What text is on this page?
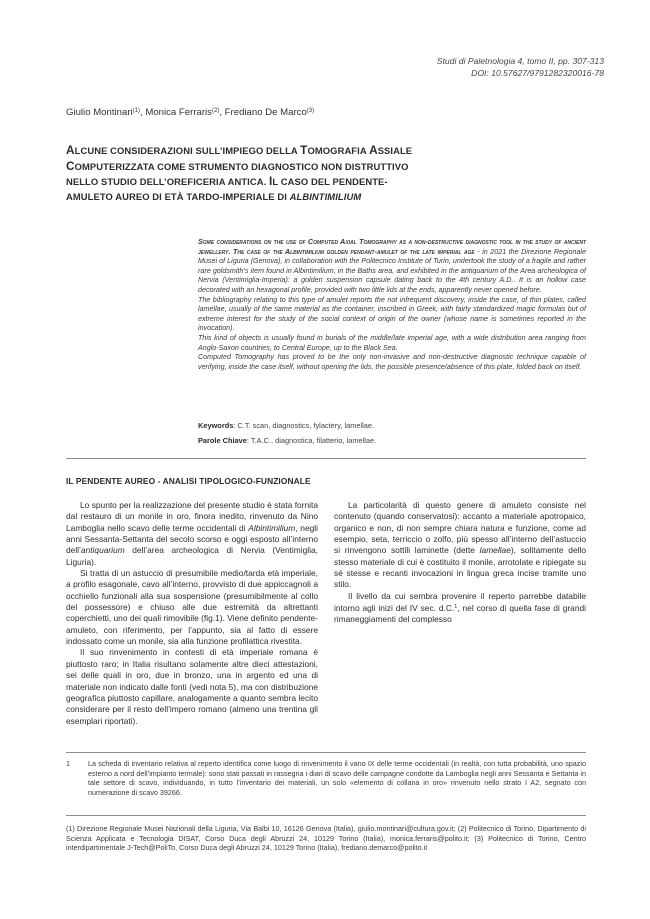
Studi di Paletnologia 4, tomo II, pp. 307-313
DOI: 10.57627/9791282320016-78
Giulio Montinari$^{(1)}$, Monica Ferraris$^{(2)}$, Frediano De Marco$^{(3)}$
ALCUNE CONSIDERAZIONI SULL’IMPIEGO DELLA TOMOGRAFIA ASSIALE
COMPUTERIZZATA COME STRUMENTO DIAGNOSTICO NON DISTRUTTIVO
NELLO STUDIO DELL’OREFICERIA ANTICA. IL CASO DEL PENDENTE-
AMULETO AUREO DI ETÀ TARDO-IMPERIALE DI ALBINTIMILIUM

Some considerations on the use of Computed Axial Tomography as a non-destructive diagnostic tool in the study of ancient jewellery. The case of the Albintimilium golden pendant-amulet of the late imperial age - in 2021 the Direzione Regionale Musei of Liguria (Genova), in collaboration with the Politecnico Institute of Turin, undertook the study of a fragile and rather rare goldsmith’s item found in Albintimilium, in the Baths area, and exhibited in the antiquarium of the Area archeologica of Nervia (Ventimiglia-Imperia): a golden suspension capsule dating back to the 4th century A.D.. It is an hollow case decorated with an hexagonal profile, provided with two little lids at the ends, apparently never opened before.

The bibliography relating to this type of amulet reports the not infrequent discovery, inside the case, of thin plates, called lamellae, usually of the same material as the container, inscribed in Greek, with fairly standardized magic formulas but of extreme interest for the study of the social context of origin of the owner (whose name is sometimes reported in the invocation).

This kind of objects is usually found in burials of the middle/late imperial age, with a wide distribution area ranging from Anglo-Saxon countries, to Central Europe, up to the Black Sea.

Computed Tomography has proved to be the only non-invasive and non-destructive diagnostic technique capable of verifying, inside the case itself, without opening the lids, the possible presence/absence of this plate, folded back on itself.

Keywords: C.T. scan, diagnostics, fylactery, lamellae.
Parole Chiave: T.A.C., diagnostica, filatterio, lamellae.
IL PENDENTE AUREO - ANALISI TIPOLOGICO-FUNZIONALE

Lo spunto per la realizzazione del presente studio è stata fornita dal restauro di un monile in oro, finora inedito, rinvenuto da Nino Lamboglia nello scavo delle terme occidentali di Albintimilium, negli anni Sessanta-Settanta del secolo scorso e oggi esposto all’interno dell’antiquarium dell’area archeologica di Nervia (Ventimiglia, Liguria).

Si tratta di un astuccio di presumibile medio/tarda età imperiale, a profilo esagonale, cavo all’interno, provvisto di due appiccagnoli a occhiello funzionali alla sua sospensione (presumibilmente al collo del possessore) e chiuso alle due estremità da altrettanti coperchietti, uno dei quali rimovibile (fig.1). Viene definito pendente-amuleto, con riferimento, per l’appunto, sia al fatto di essere indossato come un monile, sia alla funzione profilattica rivestita.

Il suo rinvenimento in contesti di età imperiale romana è piuttosto raro; in Italia risultano solamente altre dieci attestazioni, sei delle quali in oro, due in bronzo, una in argento ed una di materiale non indicato dalle fonti (vedi nota 5), ma con distribuzione geografica piuttosto capillare, analogamente a quanto sembra lecito considerare per il resto dell’impero romano (almeno una trentina gli esemplari riportati).

La particolarità di questo genere di amuleto consiste nel contenuto (quando conservatosi): accanto a materiale apotropaico, organico e non, di non sempre chiara natura e funzione, come ad esempio, seta, terriccio o zolfo, più spesso all’interno dell’astuccio si rinvengono sottili laminette (dette lamellae), solitamente dello stesso materiale di cui è costituito il monile, arrotolate e ripiegate su sé stesse e recanti invocazioni in lingua greca incise tramite uno stilo.

Il livello da cui sembra provenire il reperto parrebbe databile intorno agli inizi del IV sec. d.C.$^1$, nel corso di quella fase di grandi rimaneggiamenti del complesso

1	La scheda di inventario relativa al reperto identifica come luogo di rinvenimento il vano IX delle terme occidentali (in realtà, con tutta probabilità, uno spazio esterno a nord dell’impianto termale): sono stati passati in rassegna i diari di scavo delle campagne condotte da Lamboglia negli anni Sessanta e Settanta in tale settore di scavo, individuando, in tutto l’inventario dei materiali, un solo «elemento di collana in oro» rinvenuto nello strato I A2, segnato con numerazione di scavo 39266.
(1) Direzione Regionale Musei Nazionali della Liguria, Via Balbi 10, 16126 Genova (Italia), giulio.montinari@cultura.gov.it; (2) Politecnico di Torino, Dipartimento di Scienza Applicata e Tecnologia DISAT, Corso Duca degli Abruzzi 24, 10129 Torino (Italia), monica.ferraris@polito.it; (3) Politecnico di Torino, Centro interdipartimentale J-Tech@PoliTo, Corso Duca degli Abruzzi 24, 10129 Torino (Italia), frediano.demarco@polito.it
